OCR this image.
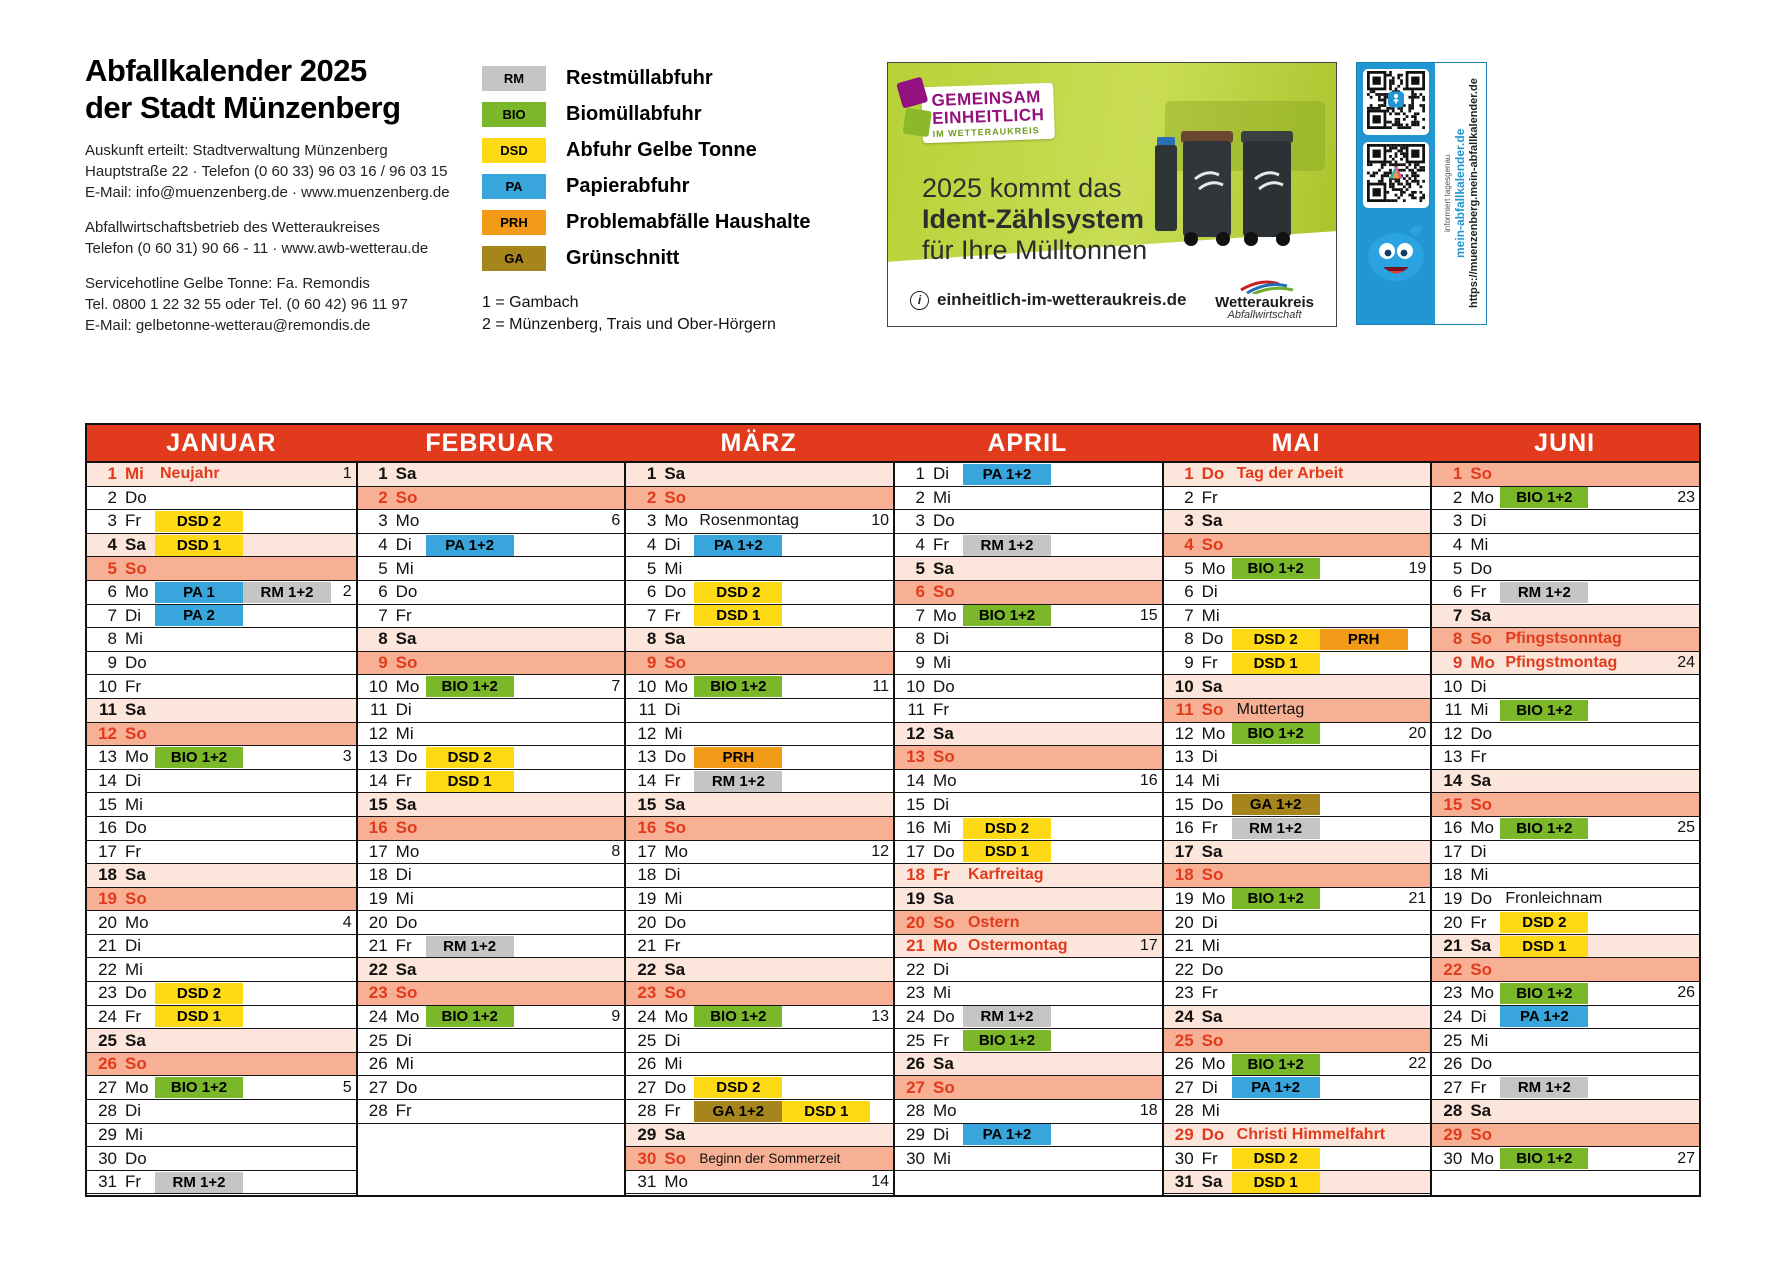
Abfallkalender 2025
der Stadt Münzenberg
Auskunft erteilt: Stadtverwaltung Münzenberg
Hauptstraße 22 · Telefon (0 60 33) 96 03 16 / 96 03 15
E-Mail: info@muenzenberg.de · www.muenzenberg.de
Abfallwirtschaftsbetrieb des Wetteraukreises
Telefon (0 60 31) 90 66 - 11 · www.awb-wetterau.de
Servicehotline Gelbe Tonne: Fa. Remondis
Tel. 0800 1 22 32 55 oder Tel. (0 60 42) 96 11 97
E-Mail: gelbetonne-wetterau@remondis.de
RM	Restmüllabfuhr
BIO	Biomüllabfuhr
DSD	Abfuhr Gelbe Tonne
PA	Papierabfuhr
PRH	Problemabfälle Haushalte
GA	Grünschnitt
1 = Gambach
2 = Münzenberg, Trais und Ober-Hörgern
GEMEINSAM
EINHEITLICH
IM WETTERAUKREIS
2025 kommt das
Ident-Zählsystem
für Ihre Mülltonnen
i einheitlich-im-wetteraukreis.de Wetteraukreis
Abfallwirtschaft
informiert tagesgenau mein-abfallkalender.de https://muenzenberg.mein-abfallkalender.de
JANUAR	FEBRUAR	MÄRZ	APRIL	MAI	JUNI
1 Mi	Neujahr	1
2 Do
3 Fr	DSD 2
4 Sa	DSD 1
5 So
6 Mo	PA 1	RM 1+2	2
7 Di	PA 2
8 Mi
9 Do
10 Fr
11 Sa
12 So
13 Mo	BIO 1+2	3
14 Di
15 Mi
16 Do
17 Fr
18 Sa
19 So
20 Mo	4
21 Di
22 Mi
23 Do	DSD 2
24 Fr	DSD 1
25 Sa
26 So
27 Mo	BIO 1+2	5
28 Di
29 Mi
30 Do
31 Fr	RM 1+2
1 Sa
2 So
3 Mo	6
4 Di	PA 1+2
5 Mi
6 Do
7 Fr
8 Sa
9 So
10 Mo	BIO 1+2	7
11 Di
12 Mi
13 Do	DSD 2
14 Fr	DSD 1
15 Sa
16 So
17 Mo	8
18 Di
19 Mi
20 Do
21 Fr	RM 1+2
22 Sa
23 So
24 Mo	BIO 1+2	9
25 Di
26 Mi
27 Do
28 Fr
1 Sa
2 So
3 Mo Rosenmontag	10
4 Di	PA 1+2
5 Mi
6 Do	DSD 2
7 Fr	DSD 1
8 Sa
9 So
10 Mo	BIO 1+2	11
11 Di
12 Mi
13 Do	PRH
14 Fr	RM 1+2
15 Sa
16 So
17 Mo	12
18 Di
19 Mi
20 Do
21 Fr
22 Sa
23 So
24 Mo	BIO 1+2	13
25 Di
26 Mi
27 Do	DSD 2
28 Fr	GA 1+2	DSD 1
29 Sa
30 So Beginn der Sommerzeit
31 Mo	14
1 Di	PA 1+2
2 Mi
3 Do
4 Fr	RM 1+2
5 Sa
6 So
7 Mo	BIO 1+2	15
8 Di
9 Mi
10 Do
11 Fr
12 Sa
13 So
14 Mo	16
15 Di
16 Mi	DSD 2
17 Do	DSD 1
18 Fr	Karfreitag
19 Sa
20 So Ostern
21 Mo Ostermontag	17
22 Di
23 Mi
24 Do	RM 1+2
25 Fr	BIO 1+2
26 Sa
27 So
28 Mo	18
29 Di	PA 1+2
30 Mi
1 Do Tag der Arbeit
2 Fr
3 Sa
4 So
5 Mo	BIO 1+2	19
6 Di
7 Mi
8 Do	DSD 2	PRH
9 Fr	DSD 1
10 Sa
11 So Muttertag
12 Mo	BIO 1+2	20
13 Di
14 Mi
15 Do	GA 1+2
16 Fr	RM 1+2
17 Sa
18 So
19 Mo	BIO 1+2	21
20 Di
21 Mi
22 Do
23 Fr
24 Sa
25 So
26 Mo	BIO 1+2	22
27 Di	PA 1+2
28 Mi
29 Do Christi Himmelfahrt
30 Fr	DSD 2
31 Sa	DSD 1
1 So
2 Mo	BIO 1+2	23
3 Di
4 Mi
5 Do
6 Fr	RM 1+2
7 Sa
8 So Pfingstsonntag
9 Mo Pfingstmontag	24
10 Di
11 Mi	BIO 1+2
12 Do
13 Fr
14 Sa
15 So
16 Mo	BIO 1+2	25
17 Di
18 Mi
19 Do Fronleichnam
20 Fr	DSD 2
21 Sa	DSD 1
22 So
23 Mo	BIO 1+2	26
24 Di	PA 1+2
25 Mi
26 Do
27 Fr	RM 1+2
28 Sa
29 So
30 Mo	BIO 1+2	27
